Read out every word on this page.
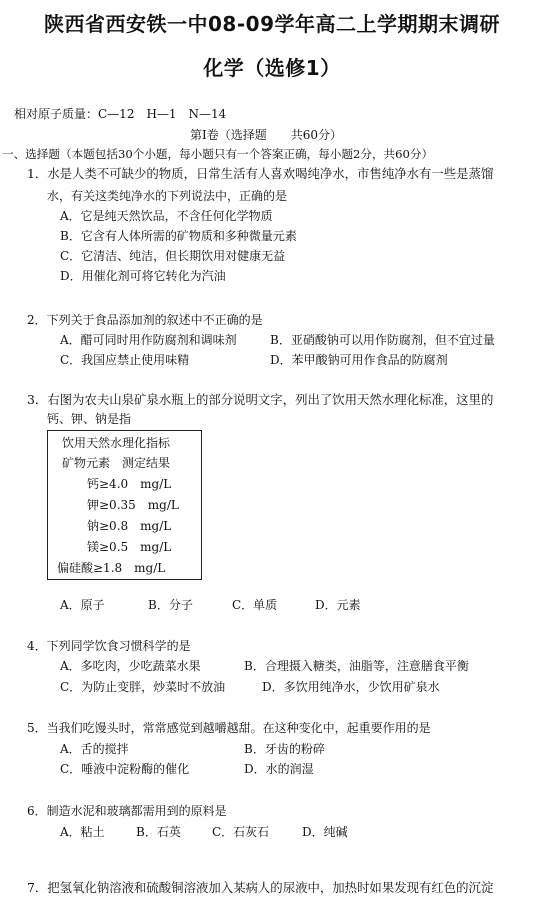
陕西省西安铁一中08-09学年高二上学期期末调研
化学（选修1）
相对原子质量：C—12　H—1　N—14
第Ⅰ卷（选择题　　共60分）
一、选择题（本题包括30个小题，每小题只有一个答案正确，每小题2分，共60分）
1．水是人类不可缺少的物质，日常生活有人喜欢喝纯净水，市售纯净水有一些是蒸馏
水，有关这类纯净水的下列说法中，正确的是
A．它是纯天然饮品，不含任何化学物质
B．它含有人体所需的矿物质和多种微量元素
C．它清洁、纯洁，但长期饮用对健康无益
D．用催化剂可将它转化为汽油
2．下列关于食品添加剂的叙述中不正确的是
A．醋可同时用作防腐剂和调味剂	B．亚硝酸钠可以用作防腐剂，但不宜过量
C．我国应禁止使用味精	D．苯甲酸钠可用作食品的防腐剂
3．右图为农夫山泉矿泉水瓶上的部分说明文字，列出了饮用天然水理化标准，这里的
钙、钾、钠是指
饮用天然水理化指标
矿物元素　测定结果
钙≥4.0　mg/L
钾≥0.35　mg/L
钠≥0.8　mg/L
镁≥0.5　mg/L
偏硅酸≥1.8　mg/L
A．原子	B．分子	C．单质	D．元素
4．下列同学饮食习惯科学的是
A．多吃肉，少吃蔬菜水果	B．合理摄入糖类，油脂等，注意膳食平衡
C．为防止变胖，炒菜时不放油	D．多饮用纯净水，少饮用矿泉水
5．当我们吃馒头时，常常感觉到越嚼越甜。在这种变化中，起重要作用的是
A．舌的搅拌	B．牙齿的粉碎
C．唾液中淀粉酶的催化	D．水的润湿
6．制造水泥和玻璃都需用到的原料是
A．粘土	B．石英	C．石灰石	D．纯碱
7．把氢氧化钠溶液和硫酸铜溶液加入某病人的尿液中，加热时如果发现有红色的沉淀
